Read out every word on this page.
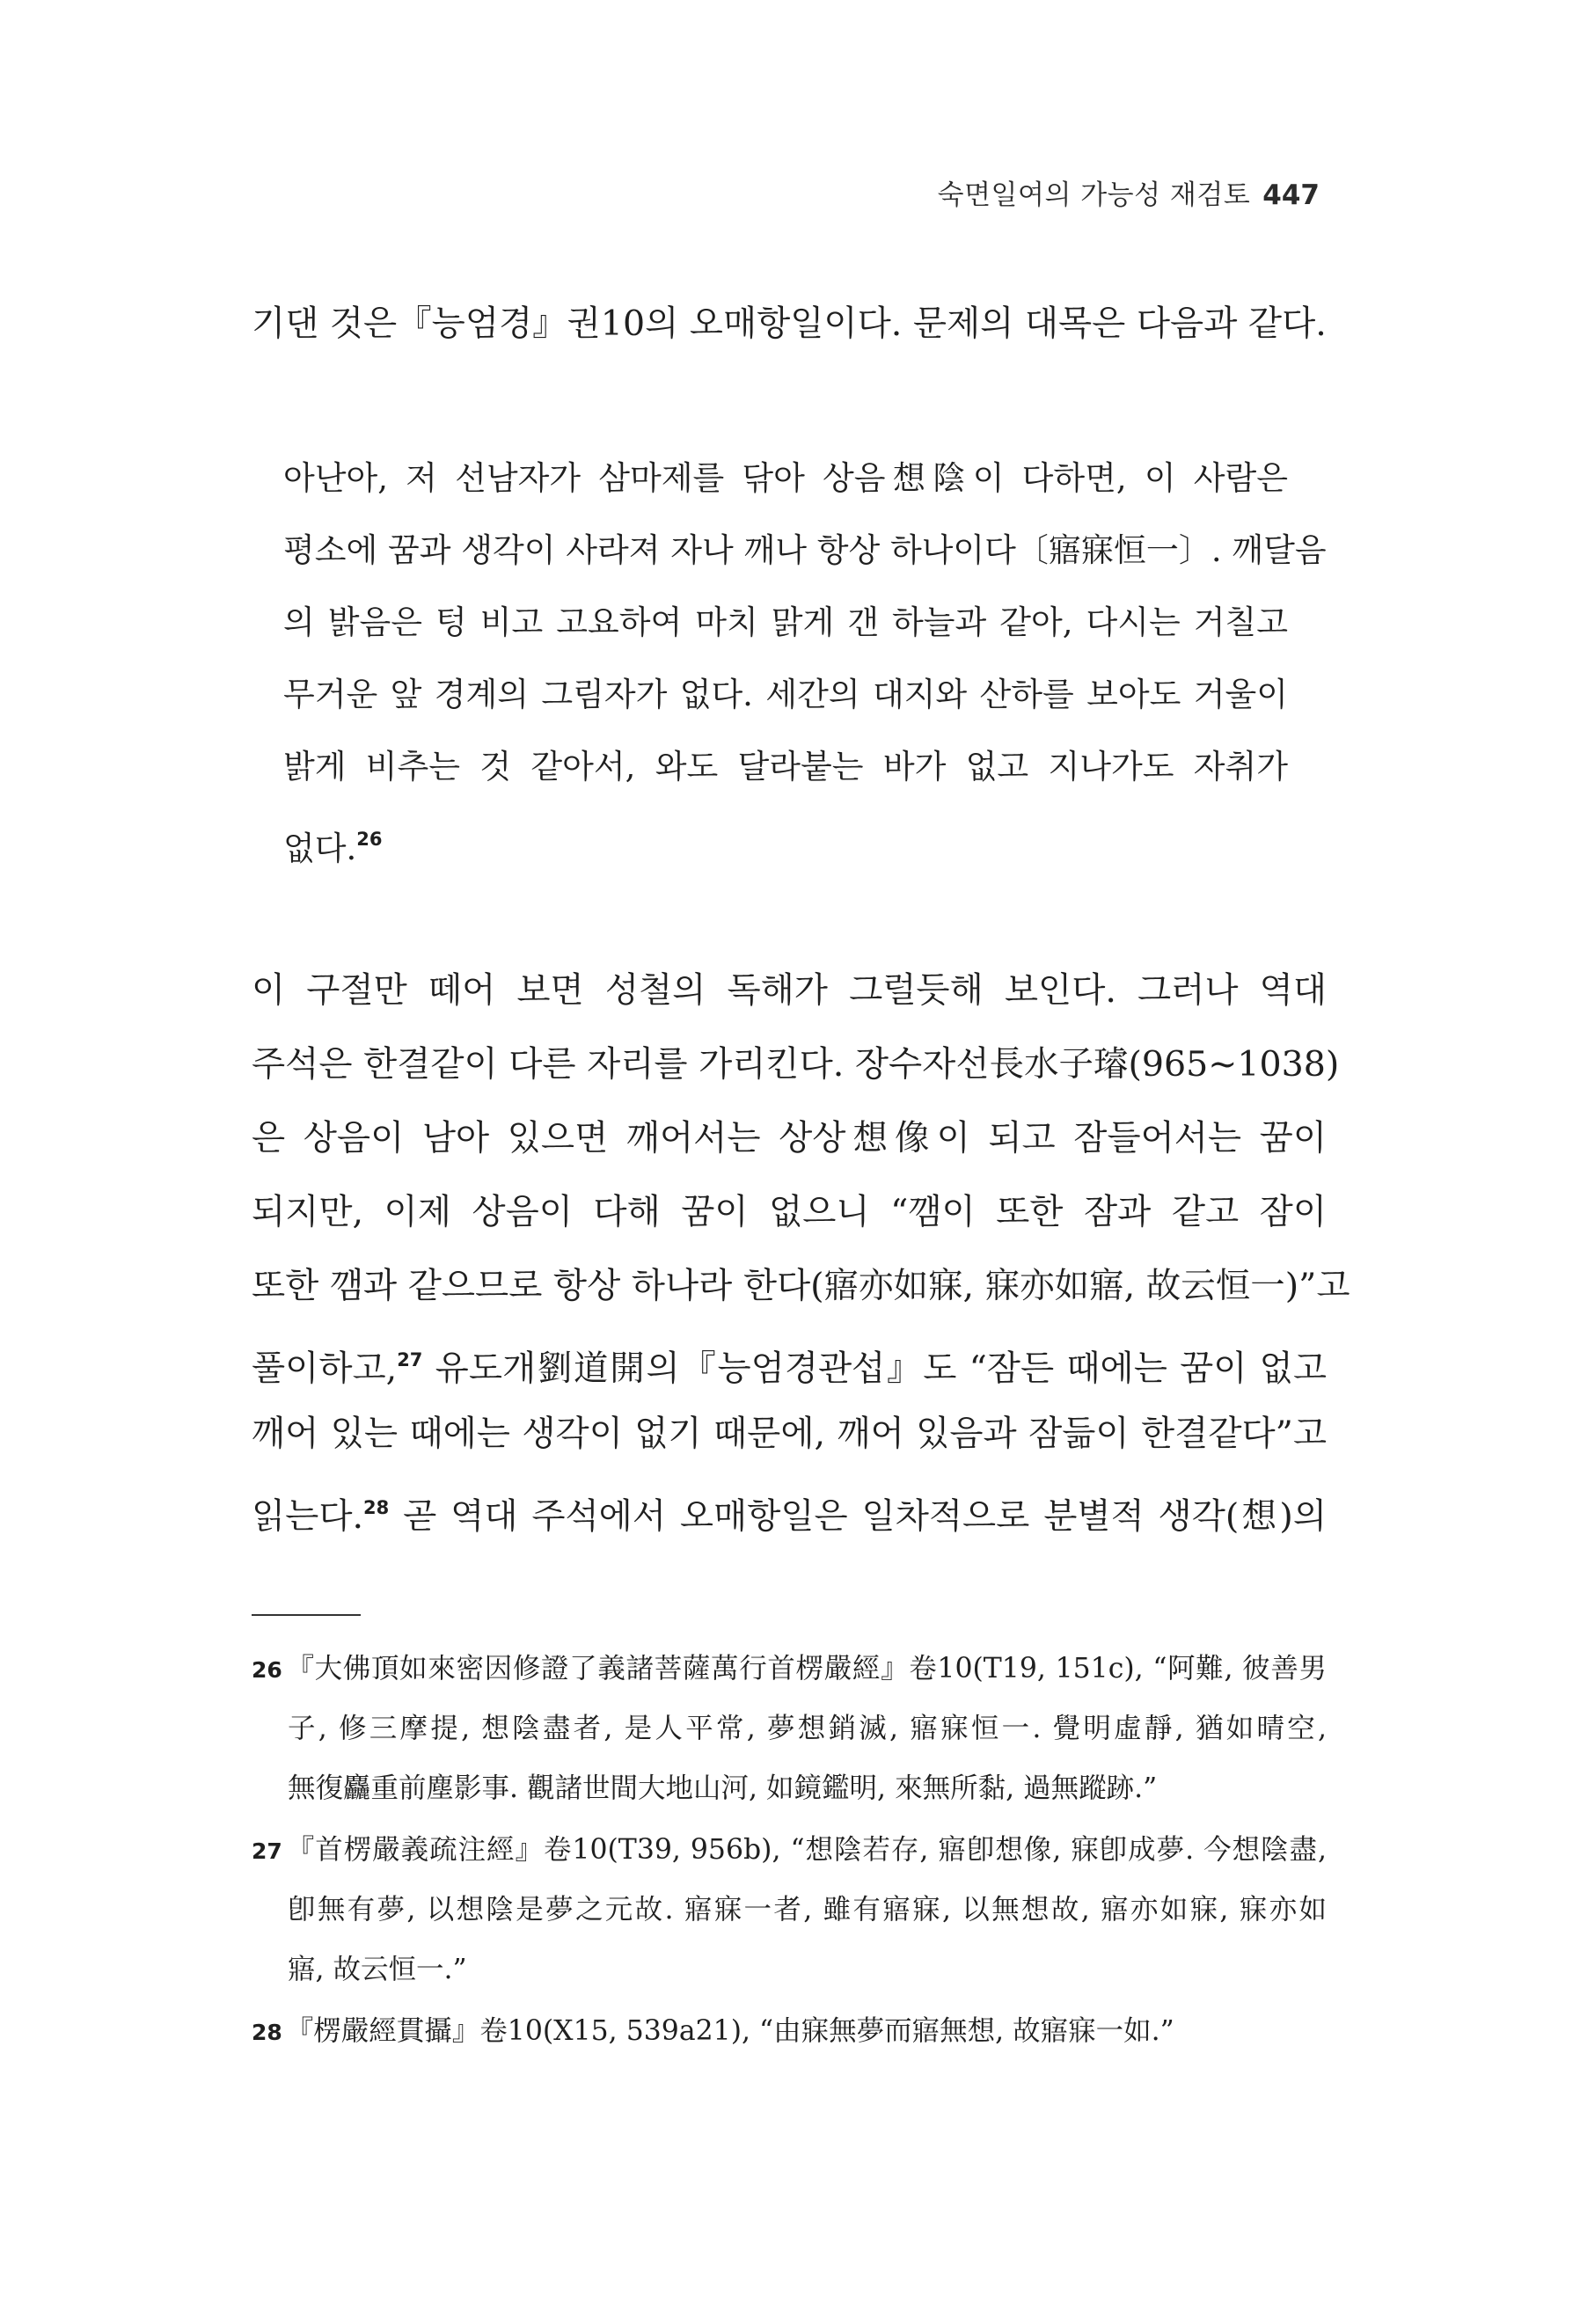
숙면일여의 가능성 재검토 447
기댄 것은『능엄경』권10의 오매항일이다. 문제의 대목은 다음과 같다.
아난아, 저 선남자가 삼마제를 닦아 상음想陰이 다하면, 이 사람은
평소에 꿈과 생각이 사라져 자나 깨나 항상 하나이다〔寤寐恒一〕. 깨달음
의 밝음은 텅 비고 고요하여 마치 맑게 갠 하늘과 같아, 다시는 거칠고
무거운 앞 경계의 그림자가 없다. 세간의 대지와 산하를 보아도 거울이
밝게 비추는 것 같아서, 와도 달라붙는 바가 없고 지나가도 자취가
없다.$^{26}$
이 구절만 떼어 보면 성철의 독해가 그럴듯해 보인다. 그러나 역대
주석은 한결같이 다른 자리를 가리킨다. 장수자선長水子璿(965~1038)
은 상음이 남아 있으면 깨어서는 상상想像이 되고 잠들어서는 꿈이
되지만, 이제 상음이 다해 꿈이 없으니 “깸이 또한 잠과 같고 잠이
또한 깸과 같으므로 항상 하나라 한다(寤亦如寐, 寐亦如寤, 故云恒一)”고
풀이하고,$^{27}$ 유도개劉道開의『능엄경관섭』도 “잠든 때에는 꿈이 없고
깨어 있는 때에는 생각이 없기 때문에, 깨어 있음과 잠듦이 한결같다”고
읽는다.$^{28}$ 곧 역대 주석에서 오매항일은 일차적으로 분별적 생각(想)의
26 『大佛頂如來密因修證了義諸菩薩萬行首楞嚴經』卷10(T19, 151c), “阿難, 彼善男
子, 修三摩提, 想陰盡者, 是人平常, 夢想銷滅, 寤寐恒一. 覺明虛靜, 猶如晴空,
無復麤重前塵影事. 觀諸世間大地山河, 如鏡鑑明, 來無所黏, 過無蹤跡.”
27 『首楞嚴義疏注經』卷10(T39, 956b), “想陰若存, 寤卽想像, 寐卽成夢. 今想陰盡,
卽無有夢, 以想陰是夢之元故. 寤寐一者, 雖有寤寐, 以無想故, 寤亦如寐, 寐亦如
寤, 故云恒一.”
28 『楞嚴經貫攝』卷10(X15, 539a21), “由寐無夢而寤無想, 故寤寐一如.”
